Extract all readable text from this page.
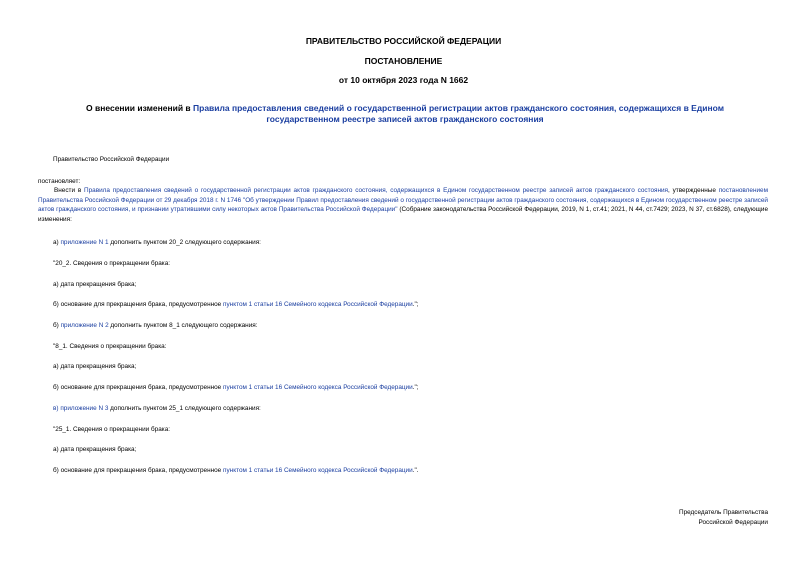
ПРАВИТЕЛЬСТВО РОССИЙСКОЙ ФЕДЕРАЦИИ
ПОСТАНОВЛЕНИЕ
от 10 октября 2023 года N 1662
О внесении изменений в Правила предоставления сведений о государственной регистрации актов гражданского состояния, содержащихся в Едином государственном реестре записей актов гражданского состояния
Правительство Российской Федерации
постановляет:
Внести в Правила предоставления сведений о государственной регистрации актов гражданского состояния, содержащихся в Едином государственном реестре записей актов гражданского состояния, утвержденные постановлением Правительства Российской Федерации от 29 декабря 2018 г. N 1746 "Об утверждении Правил предоставления сведений о государственной регистрации актов гражданского состояния, содержащихся в Едином государственном реестре записей актов гражданского состояния, и признании утратившими силу некоторых актов Правительства Российской Федерации" (Собрание законодательства Российской Федерации, 2019, N 1, ст.41; 2021, N 44, ст.7429; 2023, N 37, ст.6828), следующие изменения:
а) приложение N 1 дополнить пунктом 20_2 следующего содержания:
"20_2. Сведения о прекращении брака:
а) дата прекращения брака;
б) основание для прекращения брака, предусмотренное пунктом 1 статьи 16 Семейного кодекса Российской Федерации.";
б) приложение N 2 дополнить пунктом 8_1 следующего содержания:
"8_1. Сведения о прекращении брака:
а) дата прекращения брака;
б) основание для прекращения брака, предусмотренное пунктом 1 статьи 16 Семейного кодекса Российской Федерации.";
в) приложение N 3 дополнить пунктом 25_1 следующего содержания:
"25_1. Сведения о прекращении брака:
а) дата прекращения брака;
б) основание для прекращения брака, предусмотренное пунктом 1 статьи 16 Семейного кодекса Российской Федерации.".
Председатель Правительства
Российской Федерации
